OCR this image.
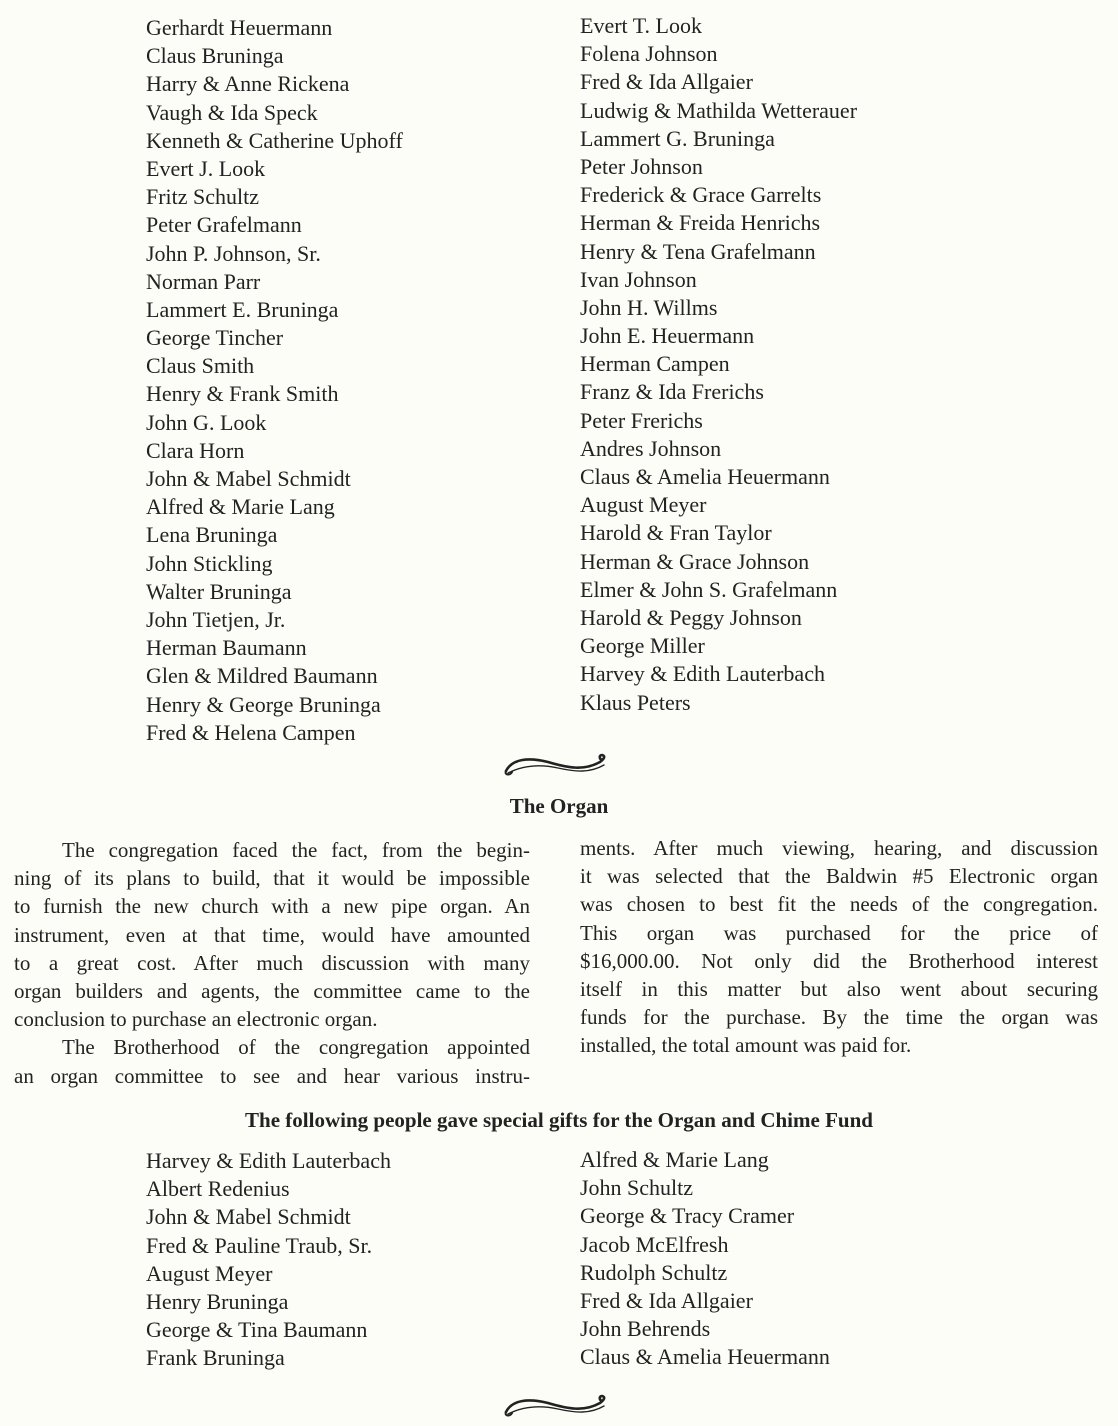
Gerhardt Heuermann
Claus Bruninga
Harry & Anne Rickena
Vaugh & Ida Speck
Kenneth & Catherine Uphoff
Evert J. Look
Fritz Schultz
Peter Grafelmann
John P. Johnson, Sr.
Norman Parr
Lammert E. Bruninga
George Tincher
Claus Smith
Henry & Frank Smith
John G. Look
Clara Horn
John & Mabel Schmidt
Alfred & Marie Lang
Lena Bruninga
John Stickling
Walter Bruninga
John Tietjen, Jr.
Herman Baumann
Glen & Mildred Baumann
Henry & George Bruninga
Fred & Helena Campen
Evert T. Look
Folena Johnson
Fred & Ida Allgaier
Ludwig & Mathilda Wetterauer
Lammert G. Bruninga
Peter Johnson
Frederick & Grace Garrelts
Herman & Freida Henrichs
Henry & Tena Grafelmann
Ivan Johnson
John H. Willms
John E. Heuermann
Herman Campen
Franz & Ida Frerichs
Peter Frerichs
Andres Johnson
Claus & Amelia Heuermann
August Meyer
Harold & Fran Taylor
Herman & Grace Johnson
Elmer & John S. Grafelmann
Harold & Peggy Johnson
George Miller
Harvey & Edith Lauterbach
Klaus Peters
The Organ

The congregation faced the fact, from the begin-

ning of its plans to build, that it would be impossible

to furnish the new church with a new pipe organ. An

instrument, even at that time, would have amounted

to a great cost. After much discussion with many

organ builders and agents, the committee came to the

conclusion to purchase an electronic organ.

The Brotherhood of the congregation appointed

an organ committee to see and hear various instru-

ments. After much viewing, hearing, and discussion

it was selected that the Baldwin #5 Electronic organ

was chosen to best fit the needs of the congregation.

This organ was purchased for the price of

$16,000.00. Not only did the Brotherhood interest

itself in this matter but also went about securing

funds for the purchase. By the time the organ was

installed, the total amount was paid for.

The following people gave special gifts for the Organ and Chime Fund
Harvey & Edith Lauterbach
Albert Redenius
John & Mabel Schmidt
Fred & Pauline Traub, Sr.
August Meyer
Henry Bruninga
George & Tina Baumann
Frank Bruninga
Alfred & Marie Lang
John Schultz
George & Tracy Cramer
Jacob McElfresh
Rudolph Schultz
Fred & Ida Allgaier
John Behrends
Claus & Amelia Heuermann
